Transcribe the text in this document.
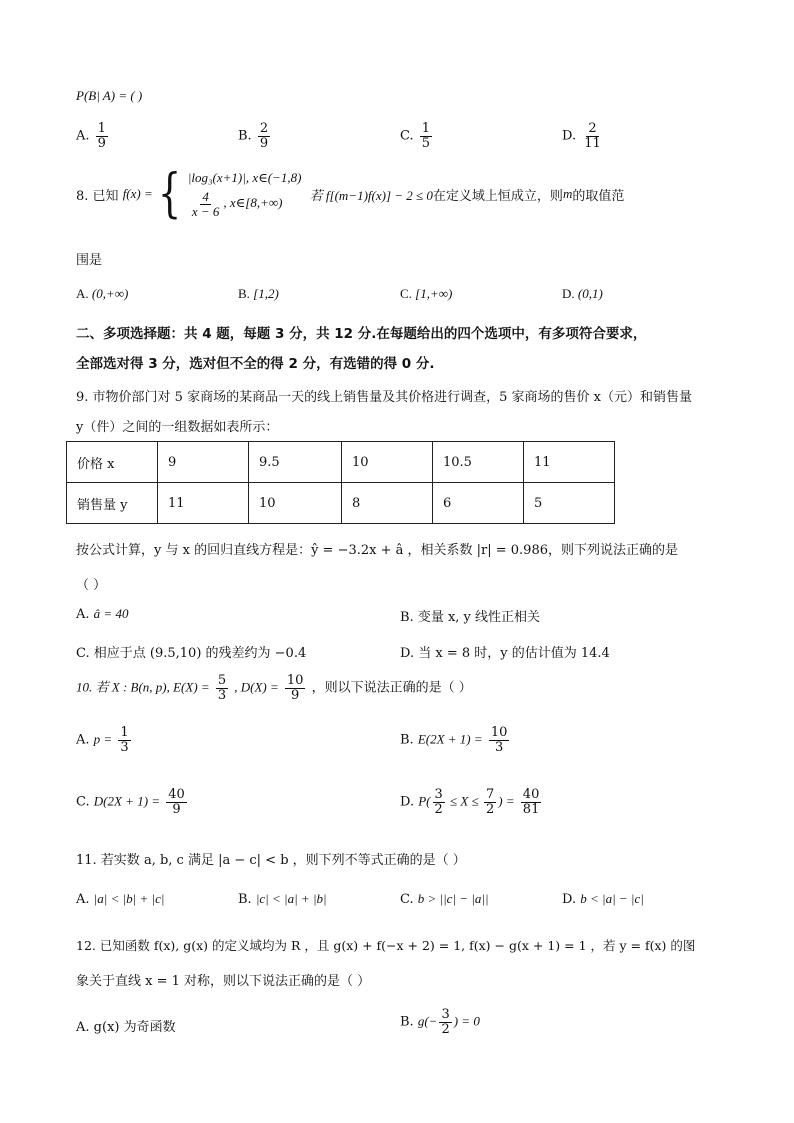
P(B| A) = ( )
A. $\frac{1}{9}$	B. $\frac{2}{9}$	C. $\frac{1}{5}$	D. $\frac{2}{11}$
8. 已知
f(x) = { |log₃(x+1)|, x∈(−1,8)
$\frac{4}{x - 6}$ , x∈[8,+∞)
	若 f[(m−1)f(x)] − 2 ≤ 0 在定义域上恒成立，则 m 的取值范
围是
A. (0,+∞)	B. [1,2)	C. [1,+∞)	D. (0,1)
二、多项选择题：共 4 题，每题 3 分，共 12 分.在每题给出的四个选项中，有多项符合要求，
全部选对得 3 分，选对但不全的得 2 分，有选错的得 0 分.
9. 市物价部门对 5 家商场的某商品一天的线上销售量及其价格进行调查，5 家商场的售价 x（元）和销售量
y（件）之间的一组数据如表所示：
价格 x	9	9.5	10	10.5	11
销售量 y	11	10	8	6	5
按公式计算，y 与 x 的回归直线方程是：ŷ = −3.2x + â ，相关系数 |r| = 0.986，则下列说法正确的是
（ ）
A. â = 40	B. 变量 x, y 线性正相关
C. 相应于点 (9.5,10) 的残差约为 −0.4	D. 当 x = 8 时，y 的估计值为 14.4
10. 若 X : B(n, p), $E(X) = \frac{5}{3}$ , $D(X) = \frac{10}{9}$ ，则以下说法正确的是（ ）
A. $p = \frac{1}{3}$	B. $E(2X + 1) = \frac{10}{3}$
C. $D(2X + 1) = \frac{40}{9}$	D. $P( \frac{3}{2} \le X \le \frac{7}{2}$ ) = $\frac{40}{81}$
11. 若实数 a, b, c 满足 |a − c| < b ，则下列不等式正确的是（ ）
A. |a| < |b| + |c|	B. |c| < |a| + |b|	C. b > ||c| − |a||	D. b < |a| − |c|
12. 已知函数 f(x), g(x) 的定义域均为 R ，且 g(x) + f(−x + 2) = 1, f(x) − g(x + 1) = 1 ，若 y = f(x) 的图
象关于直线 x = 1 对称，则以下说法正确的是（ ）
A. g(x) 为奇函数	B. $g(- \frac{3}{2}$ ) = 0
